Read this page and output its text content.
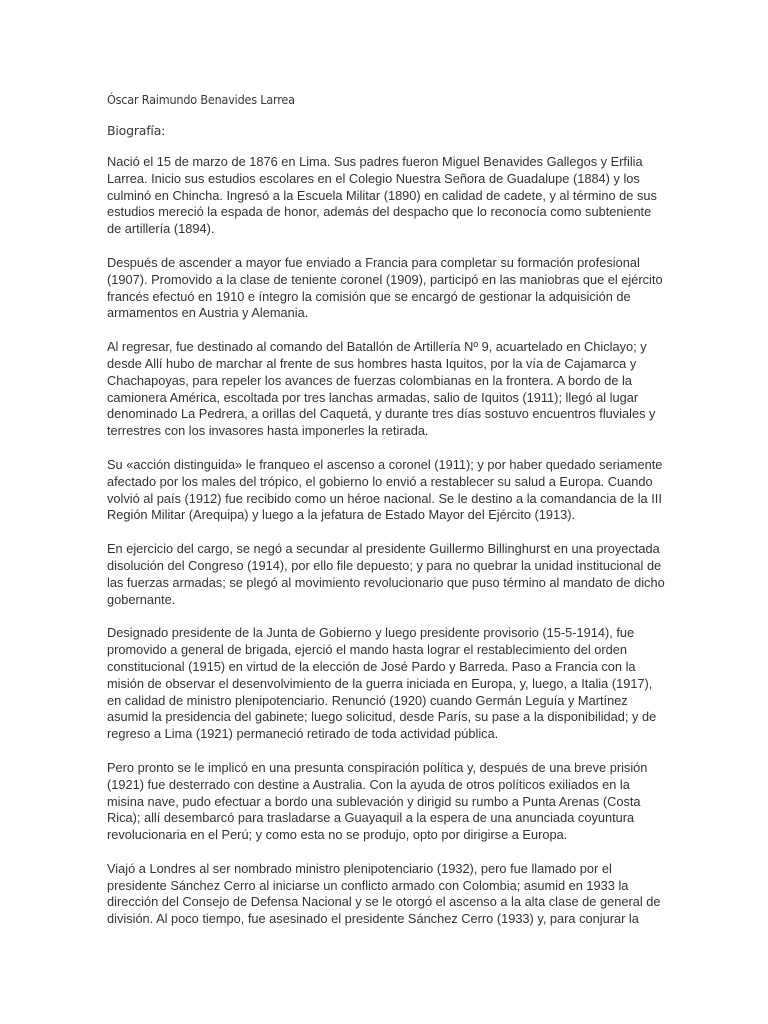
Óscar Raimundo Benavides Larrea
Biografía:

Nació el 15 de marzo de 1876 en Lima. Sus padres fueron Miguel Benavides Gallegos y Erfilia Larrea. Inicio sus estudios escolares en el Colegio Nuestra Señora de Guadalupe (1884) y los culminó en Chincha. Ingresó a la Escuela Militar (1890) en calidad de cadete, y al término de sus estudios mereció la espada de honor, además del despacho que lo reconocía como subteniente de artillería (1894).

Después de ascender a mayor fue enviado a Francia para completar su formación profesional (1907). Promovido a la clase de teniente coronel (1909), participó en las maniobras que el ejército francés efectuó en 1910 e íntegro la comisión que se encargó de gestionar la adquisición de armamentos en Austria y Alemania.

Al regresar, fue destinado al comando del Batallón de Artillería Nº 9, acuartelado en Chiclayo; y desde Allí hubo de marchar al frente de sus hombres hasta Iquitos, por la vía de Cajamarca y Chachapoyas, para repeler los avances de fuerzas colombianas en la frontera. A bordo de la camionera América, escoltada por tres lanchas armadas, salio de Iquitos (1911); llegó al lugar denominado La Pedrera, a orillas del Caquetá, y durante tres días sostuvo encuentros fluviales y terrestres con los invasores hasta imponerles la retirada.

Su «acción distinguida» le franqueo el ascenso a coronel (1911); y por haber quedado seriamente afectado por los males del trópico, el gobierno lo envió a restablecer su salud a Europa. Cuando volvió al país (1912) fue recibido como un héroe nacional. Se le destino a la comandancia de la III Región Militar (Arequipa) y luego a la jefatura de Estado Mayor del Ejército (1913).

En ejercicio del cargo, se negó a secundar al presidente Guillermo Billinghurst en una proyectada disolución del Congreso (1914), por ello file depuesto; y para no quebrar la unidad institucional de las fuerzas armadas; se plegó al movimiento revolucionario que puso término al mandato de dicho gobernante.

Designado presidente de la Junta de Gobierno y luego presidente provisorio (15-5-1914), fue promovido a general de brigada, ejerció el mando hasta lograr el restablecimiento del orden constitucional (1915) en virtud de la elección de José Pardo y Barreda. Paso a Francia con la misión de observar el desenvolvimiento de la guerra iniciada en Europa, y, luego, a Italia (1917), en calidad de ministro plenipotenciario. Renunció (1920) cuando Germán Leguía y Martínez asumid la presidencia del gabinete; luego solicitud, desde París, su pase a la disponibilidad; y de regreso a Lima (1921) permaneció retirado de toda actividad pública.

Pero pronto se le implicó en una presunta conspiración política y, después de una breve prisión (1921) fue desterrado con destine a Australia. Con la ayuda de otros políticos exiliados en la misina nave, pudo efectuar a bordo una sublevación y dirigid su rumbo a Punta Arenas (Costa Rica); allí desembarcó para trasladarse a Guayaquil a la espera de una anunciada coyuntura revolucionaria en el Perú; y como esta no se produjo, opto por dirigirse a Europa.

Viajó a Londres al ser nombrado ministro plenipotenciario (1932), pero fue llamado por el presidente Sánchez Cerro al iniciarse un conflicto armado con Colombia; asumid en 1933 la dirección del Consejo de Defensa Nacional y se le otorgó el ascenso a la alta clase de general de división. Al poco tiempo, fue asesinado el presidente Sánchez Cerro (1933) y, para conjurar la
